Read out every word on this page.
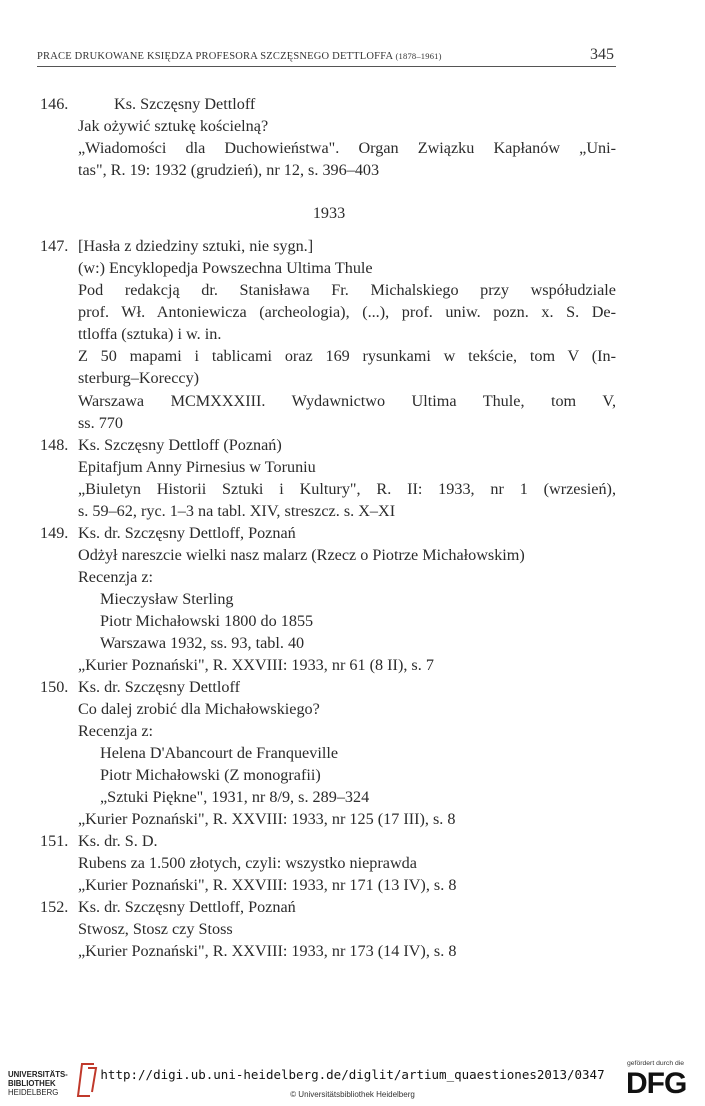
PRACE DRUKOWANE KSIĘDZA PROFESORA SZCZĘSNEGO DETTLOFFA (1878–1961)	345
146.	Ks. Szczęsny Dettloff
Jak ożywić sztukę kościelną?
„Wiadomości dla Duchowieństwa". Organ Związku Kapłanów „Uni-
tas", R. 19: 1932 (grudzień), nr 12, s. 396–403
1933
147. [Hasła z dziedziny sztuki, nie sygn.]
(w:) Encyklopedja Powszechna Ultima Thule
Pod redakcją dr. Stanisława Fr. Michalskiego przy współudziale
prof. Wł. Antoniewicza (archeologia), (...), prof. uniw. pozn. x. S. De-
ttloffa (sztuka) i w. in.
Z 50 mapami i tablicami oraz 169 rysunkami w tekście, tom V (In-
sterburg–Koreccy)
Warszawa MCMXXXIII. Wydawnictwo Ultima Thule, tom V,
ss. 770
148. Ks. Szczęsny Dettloff (Poznań)
Epitafjum Anny Pirnesius w Toruniu
„Biuletyn Historii Sztuki i Kultury", R. II: 1933, nr 1 (wrzesień),
s. 59–62, ryc. 1–3 na tabl. XIV, streszcz. s. X–XI
149. Ks. dr. Szczęsny Dettloff, Poznań
Odżył nareszcie wielki nasz malarz (Rzecz o Piotrze Michałowskim)
Recenzja z:
Mieczysław Sterling
Piotr Michałowski 1800 do 1855
Warszawa 1932, ss. 93, tabl. 40
„Kurier Poznański", R. XXVIII: 1933, nr 61 (8 II), s. 7
150. Ks. dr. Szczęsny Dettloff
Co dalej zrobić dla Michałowskiego?
Recenzja z:
Helena D'Abancourt de Franqueville
Piotr Michałowski (Z monografii)
„Sztuki Piękne", 1931, nr 8/9, s. 289–324
„Kurier Poznański", R. XXVIII: 1933, nr 125 (17 III), s. 8
151. Ks. dr. S. D.
Rubens za 1.500 złotych, czyli: wszystko nieprawda
„Kurier Poznański", R. XXVIII: 1933, nr 171 (13 IV), s. 8
152. Ks. dr. Szczęsny Dettloff, Poznań
Stwosz, Stosz czy Stoss
„Kurier Poznański", R. XXVIII: 1933, nr 173 (14 IV), s. 8
UNIVERSITÄTS-
BIBLIOTHEK
HEIDELBERG
http://digi.ub.uni-heidelberg.de/diglit/artium_quaestiones2013/0347
© Universitätsbibliothek Heidelberg
gefördert durch die
DFG
